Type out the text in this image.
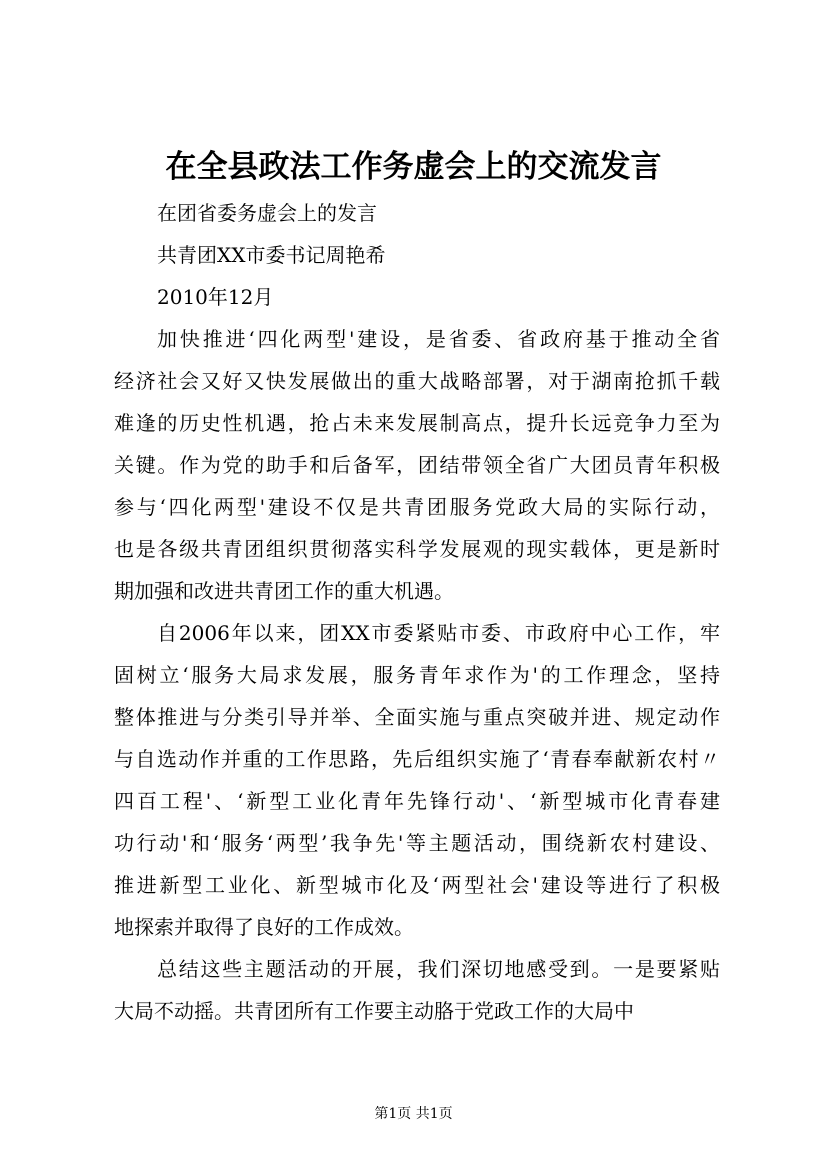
在全县政法工作务虚会上的交流发言
在团省委务虚会上的发言
共青团XX市委书记周艳希
2010年12月
加快推进‘四化两型'建设，是省委、省政府基于推动全省
经济社会又好又快发展做出的重大战略部署，对于湖南抢抓千载
难逢的历史性机遇，抢占未来发展制高点，提升长远竞争力至为
关键。作为党的助手和后备军，团结带领全省广大团员青年积极
参与‘四化两型'建设不仅是共青团服务党政大局的实际行动，
也是各级共青团组织贯彻落实科学发展观的现实载体，更是新时
期加强和改进共青团工作的重大机遇。
自2006年以来，团XX市委紧贴市委、市政府中心工作，牢
固树立‘服务大局求发展，服务青年求作为'的工作理念，坚持
整体推进与分类引导并举、全面实施与重点突破并进、规定动作
与自选动作并重的工作思路，先后组织实施了‘青春奉献新农村〃
四百工程'、‘新型工业化青年先锋行动'、‘新型城市化青春建
功行动'和‘服务‘两型’我争先'等主题活动，围绕新农村建设、
推进新型工业化、新型城市化及‘两型社会'建设等进行了积极
地探索并取得了良好的工作成效。
总结这些主题活动的开展，我们深切地感受到。一是要紧贴
大局不动摇。共青团所有工作要主动胳于党政工作的大局中
第1页 共1页
